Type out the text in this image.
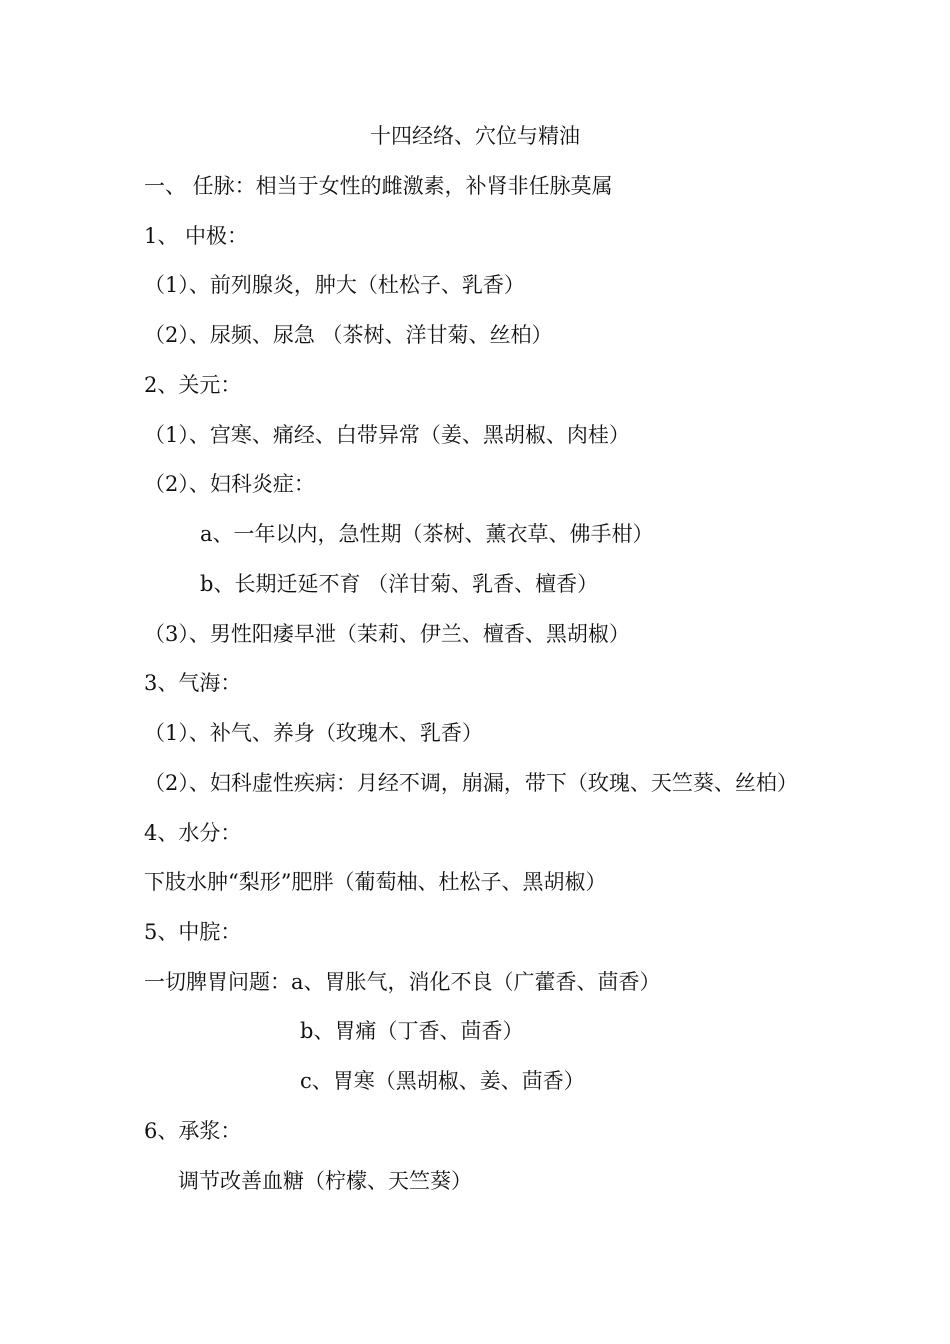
十四经络、穴位与精油
一、 任脉：相当于女性的雌激素，补肾非任脉莫属
1、 中极：
（1）、前列腺炎，肿大（杜松子、乳香）
（2）、尿频、尿急 （茶树、洋甘菊、丝柏）
2、关元：
（1）、宫寒、痛经、白带异常（姜、黑胡椒、肉桂）
（2）、妇科炎症：
a、一年以内，急性期（茶树、薰衣草、佛手柑）
b、长期迁延不育 （洋甘菊、乳香、檀香）
（3）、男性阳痿早泄（茉莉、伊兰、檀香、黑胡椒）
3、气海：
（1）、补气、养身（玫瑰木、乳香）
（2）、妇科虚性疾病：月经不调，崩漏，带下（玫瑰、天竺葵、丝柏）
4、水分：
下肢水肿“梨形”肥胖（葡萄柚、杜松子、黑胡椒）
5、中脘：
一切脾胃问题：a、胃胀气，消化不良（广藿香、茴香）
b、胃痛（丁香、茴香）
c、胃寒（黑胡椒、姜、茴香）
6、承浆：
调节改善血糖（柠檬、天竺葵）
